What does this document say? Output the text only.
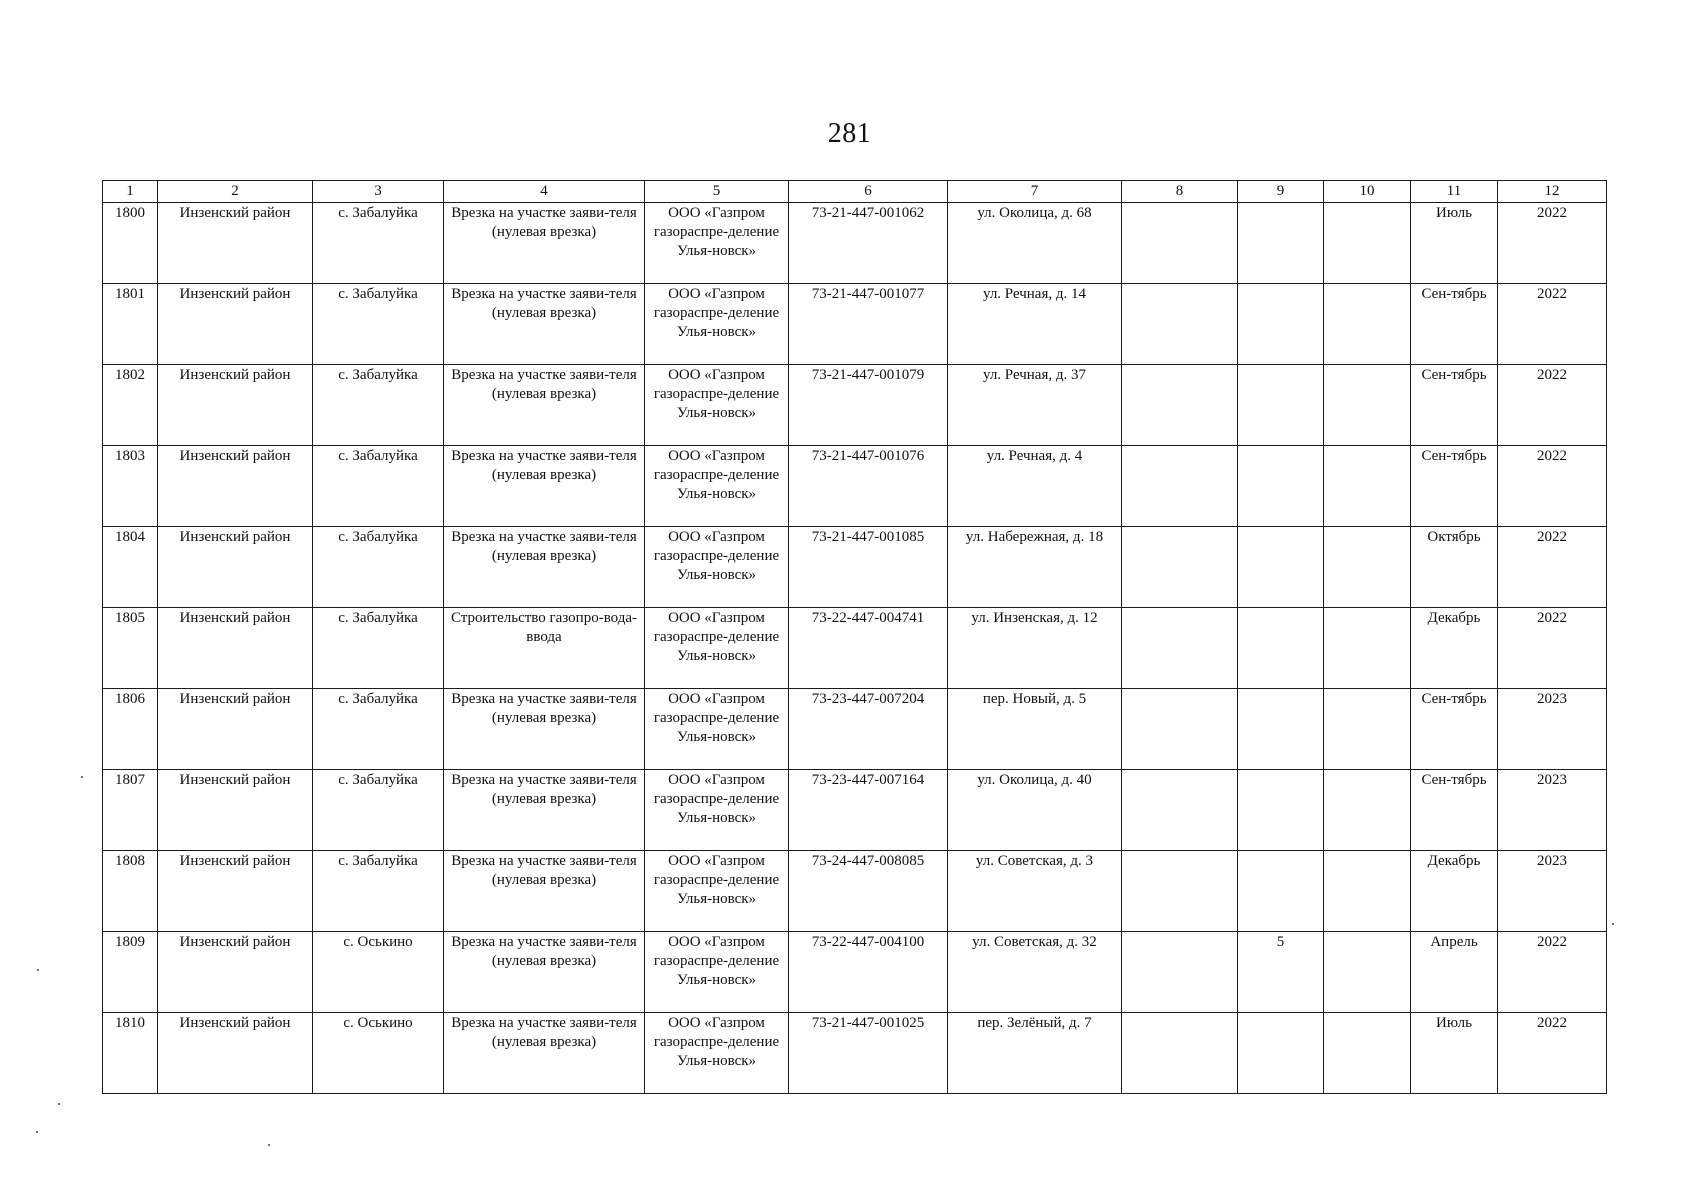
281
1	2	3	4	5	6	7	8	9	10	11	12
1800	Инзенский район	с. Забалуйка	Врезка на участке заяви-теля (нулевая врезка)	ООО «Газпром газораспре-деление Улья-новск»	73-21-447-001062	ул. Околица, д. 68				Июль	2022
1801	Инзенский район	с. Забалуйка	Врезка на участке заяви-теля (нулевая врезка)	ООО «Газпром газораспре-деление Улья-новск»	73-21-447-001077	ул. Речная, д. 14				Сен-тябрь	2022
1802	Инзенский район	с. Забалуйка	Врезка на участке заяви-теля (нулевая врезка)	ООО «Газпром газораспре-деление Улья-новск»	73-21-447-001079	ул. Речная, д. 37				Сен-тябрь	2022
1803	Инзенский район	с. Забалуйка	Врезка на участке заяви-теля (нулевая врезка)	ООО «Газпром газораспре-деление Улья-новск»	73-21-447-001076	ул. Речная, д. 4				Сен-тябрь	2022
1804	Инзенский район	с. Забалуйка	Врезка на участке заяви-теля (нулевая врезка)	ООО «Газпром газораспре-деление Улья-новск»	73-21-447-001085	ул. Набережная, д. 18				Октябрь	2022
1805	Инзенский район	с. Забалуйка	Строительство газопро-вода-ввода	ООО «Газпром газораспре-деление Улья-новск»	73-22-447-004741	ул. Инзенская, д. 12				Декабрь	2022
1806	Инзенский район	с. Забалуйка	Врезка на участке заяви-теля (нулевая врезка)	ООО «Газпром газораспре-деление Улья-новск»	73-23-447-007204	пер. Новый, д. 5				Сен-тябрь	2023
1807	Инзенский район	с. Забалуйка	Врезка на участке заяви-теля (нулевая врезка)	ООО «Газпром газораспре-деление Улья-новск»	73-23-447-007164	ул. Околица, д. 40				Сен-тябрь	2023
1808	Инзенский район	с. Забалуйка	Врезка на участке заяви-теля (нулевая врезка)	ООО «Газпром газораспре-деление Улья-новск»	73-24-447-008085	ул. Советская, д. 3				Декабрь	2023
1809	Инзенский район	с. Оськино	Врезка на участке заяви-теля (нулевая врезка)	ООО «Газпром газораспре-деление Улья-новск»	73-22-447-004100	ул. Советская, д. 32		5		Апрель	2022
1810	Инзенский район	с. Оськино	Врезка на участке заяви-теля (нулевая врезка)	ООО «Газпром газораспре-деление Улья-новск»	73-21-447-001025	пер. Зелёный, д. 7				Июль	2022
